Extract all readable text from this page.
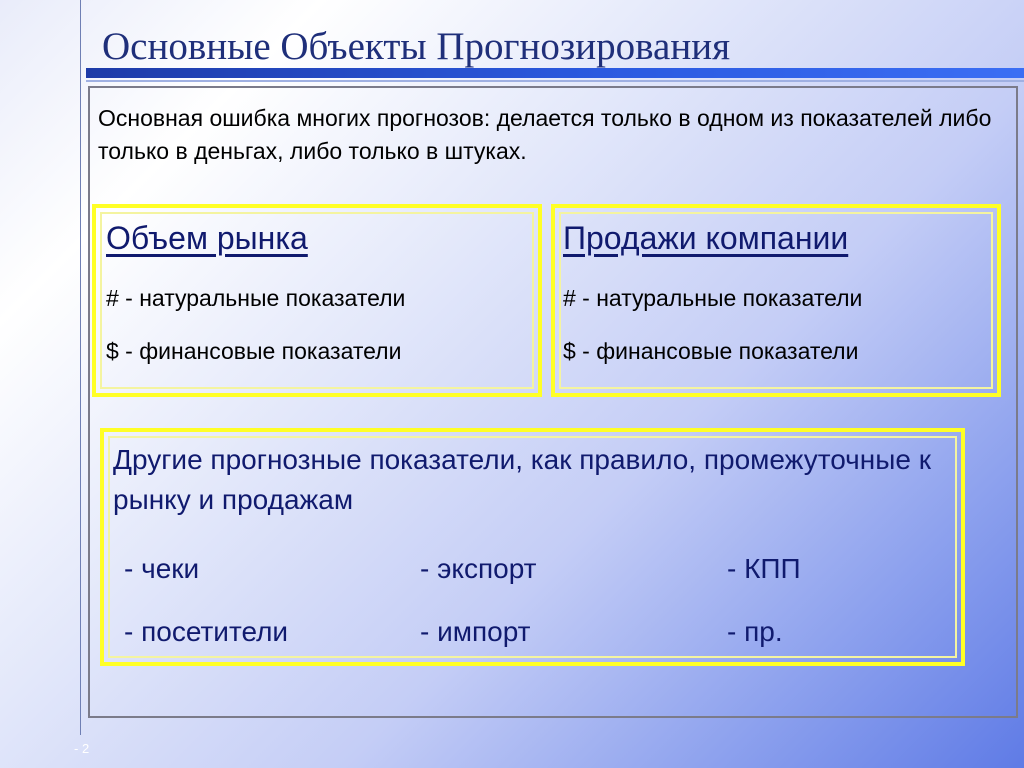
Основные Объекты Прогнозирования

Основная ошибка многих прогнозов: делается только в одном из показателей либо только в деньгах, либо только в штуках.

Объем рынка

# - натуральные показатели

$ - финансовые показатели

Продажи компании

# - натуральные показатели

$ - финансовые показатели

Другие прогнозные показатели, как правило, промежуточные к рынку и продажам

- чеки	- экспорт	- КПП

- посетители	- импорт	- пр.

- 2
